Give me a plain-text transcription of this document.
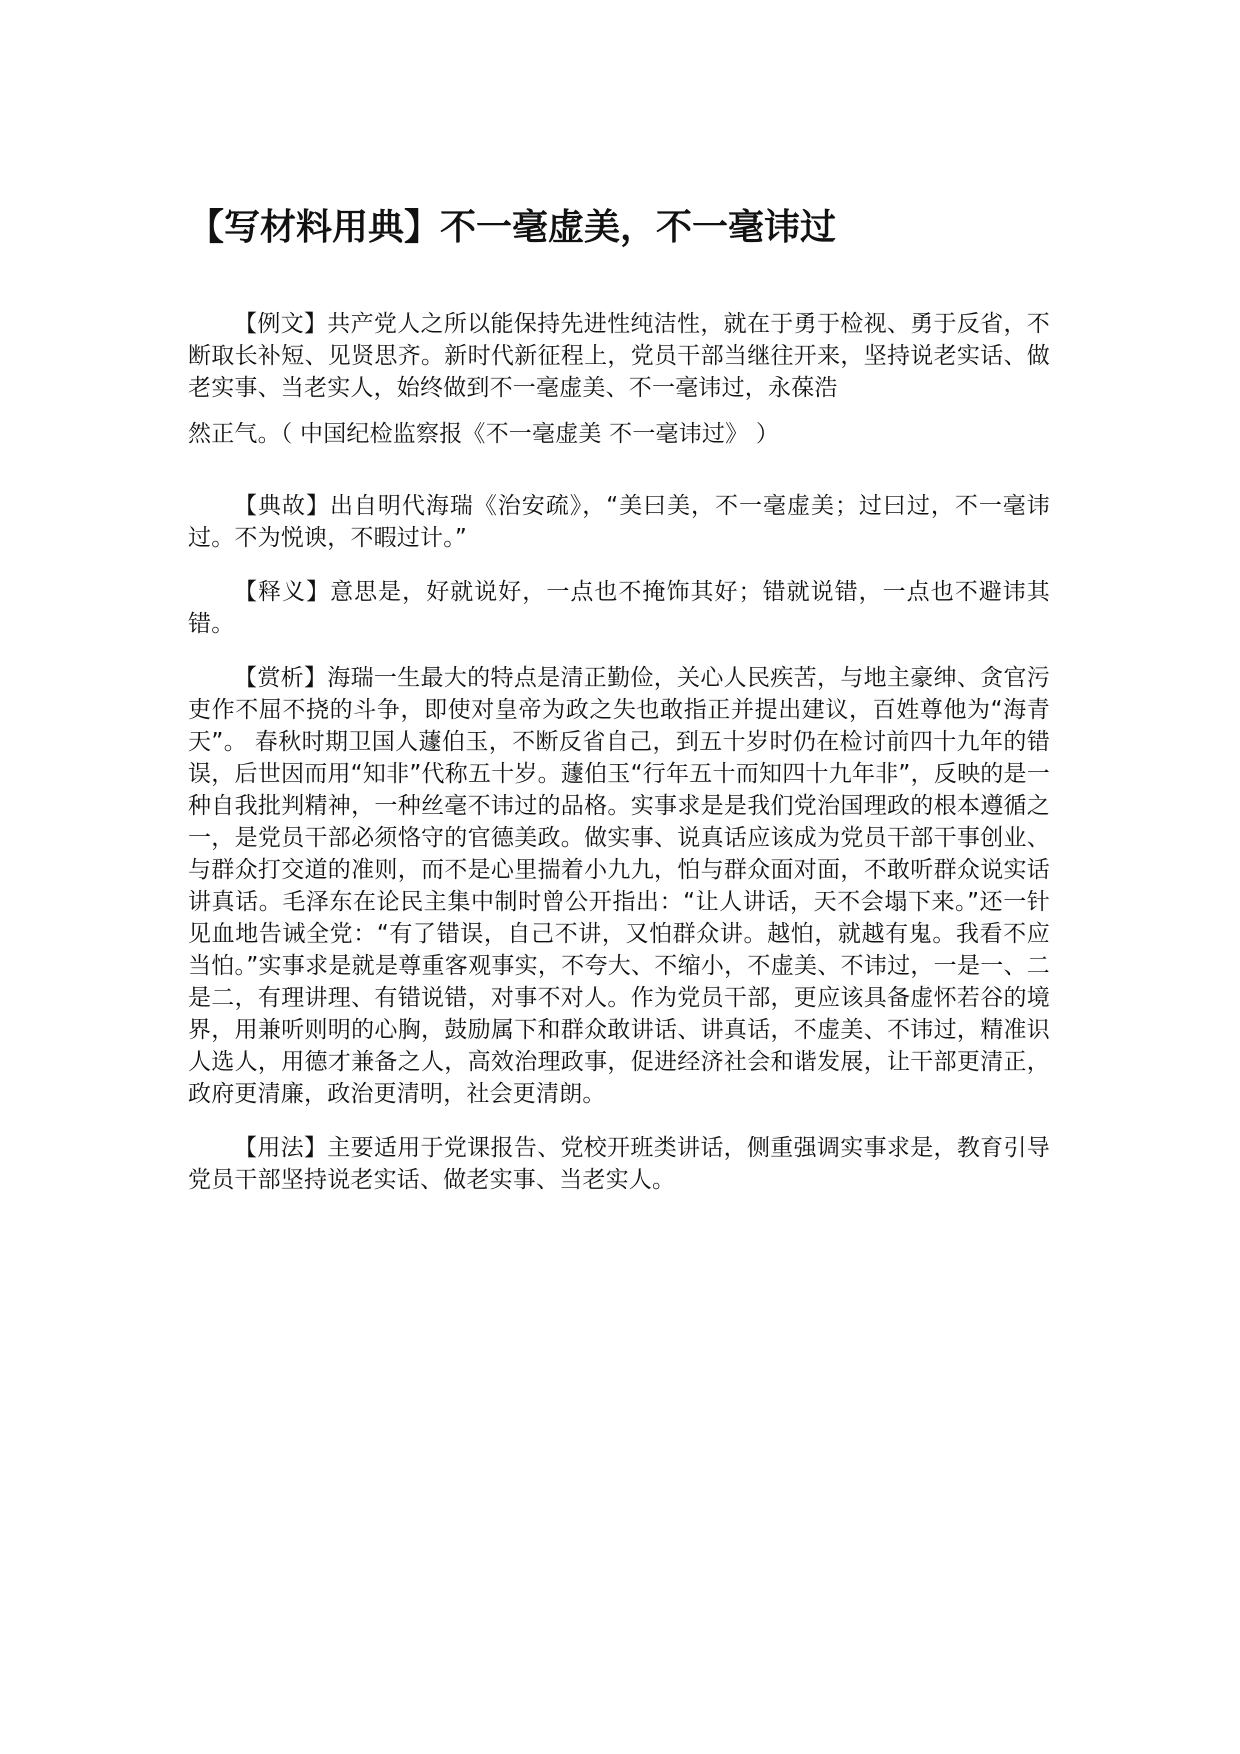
【写材料用典】不一毫虚美，不一毫讳过

【例文】共产党人之所以能保持先进性纯洁性，就在于勇于检视、勇于反省，不断取长补短、见贤思齐。新时代新征程上，党员干部当继往开来，坚持说老实话、做老实事、当老实人，始终做到不一毫虚美、不一毫讳过，永葆浩
然正气。（ 中国纪检监察报《不一毫虚美 不一毫讳过》 ）

【典故】出自明代海瑞《治安疏》，“美曰美，不一毫虚美；过曰过，不一毫讳过。不为悦谀，不暇过计。”

【释义】意思是，好就说好，一点也不掩饰其好；错就说错，一点也不避讳其错。

【赏析】海瑞一生最大的特点是清正勤俭，关心人民疾苦，与地主豪绅、贪官污吏作不屈不挠的斗争，即使对皇帝为政之失也敢指正并提出建议，百姓尊他为“海青天”。 春秋时期卫国人蘧伯玉，不断反省自己，到五十岁时仍在检讨前四十九年的错误，后世因而用“知非”代称五十岁。蘧伯玉“行年五十而知四十九年非”，反映的是一种自我批判精神，一种丝毫不讳过的品格。实事求是是我们党治国理政的根本遵循之一，是党员干部必须恪守的官德美政。做实事、说真话应该成为党员干部干事创业、与群众打交道的准则，而不是心里揣着小九九，怕与群众面对面，不敢听群众说实话讲真话。毛泽东在论民主集中制时曾公开指出：“让人讲话，天不会塌下来。”还一针见血地告诫全党：“有了错误，自己不讲，又怕群众讲。越怕，就越有鬼。我看不应当怕。”实事求是就是尊重客观事实，不夸大、不缩小，不虚美、不讳过，一是一、二是二，有理讲理、有错说错，对事不对人。作为党员干部，更应该具备虚怀若谷的境界，用兼听则明的心胸，鼓励属下和群众敢讲话、讲真话，不虚美、不讳过，精准识人选人，用德才兼备之人，高效治理政事，促进经济社会和谐发展，让干部更清正，政府更清廉，政治更清明，社会更清朗。

【用法】主要适用于党课报告、党校开班类讲话，侧重强调实事求是，教育引导党员干部坚持说老实话、做老实事、当老实人。
